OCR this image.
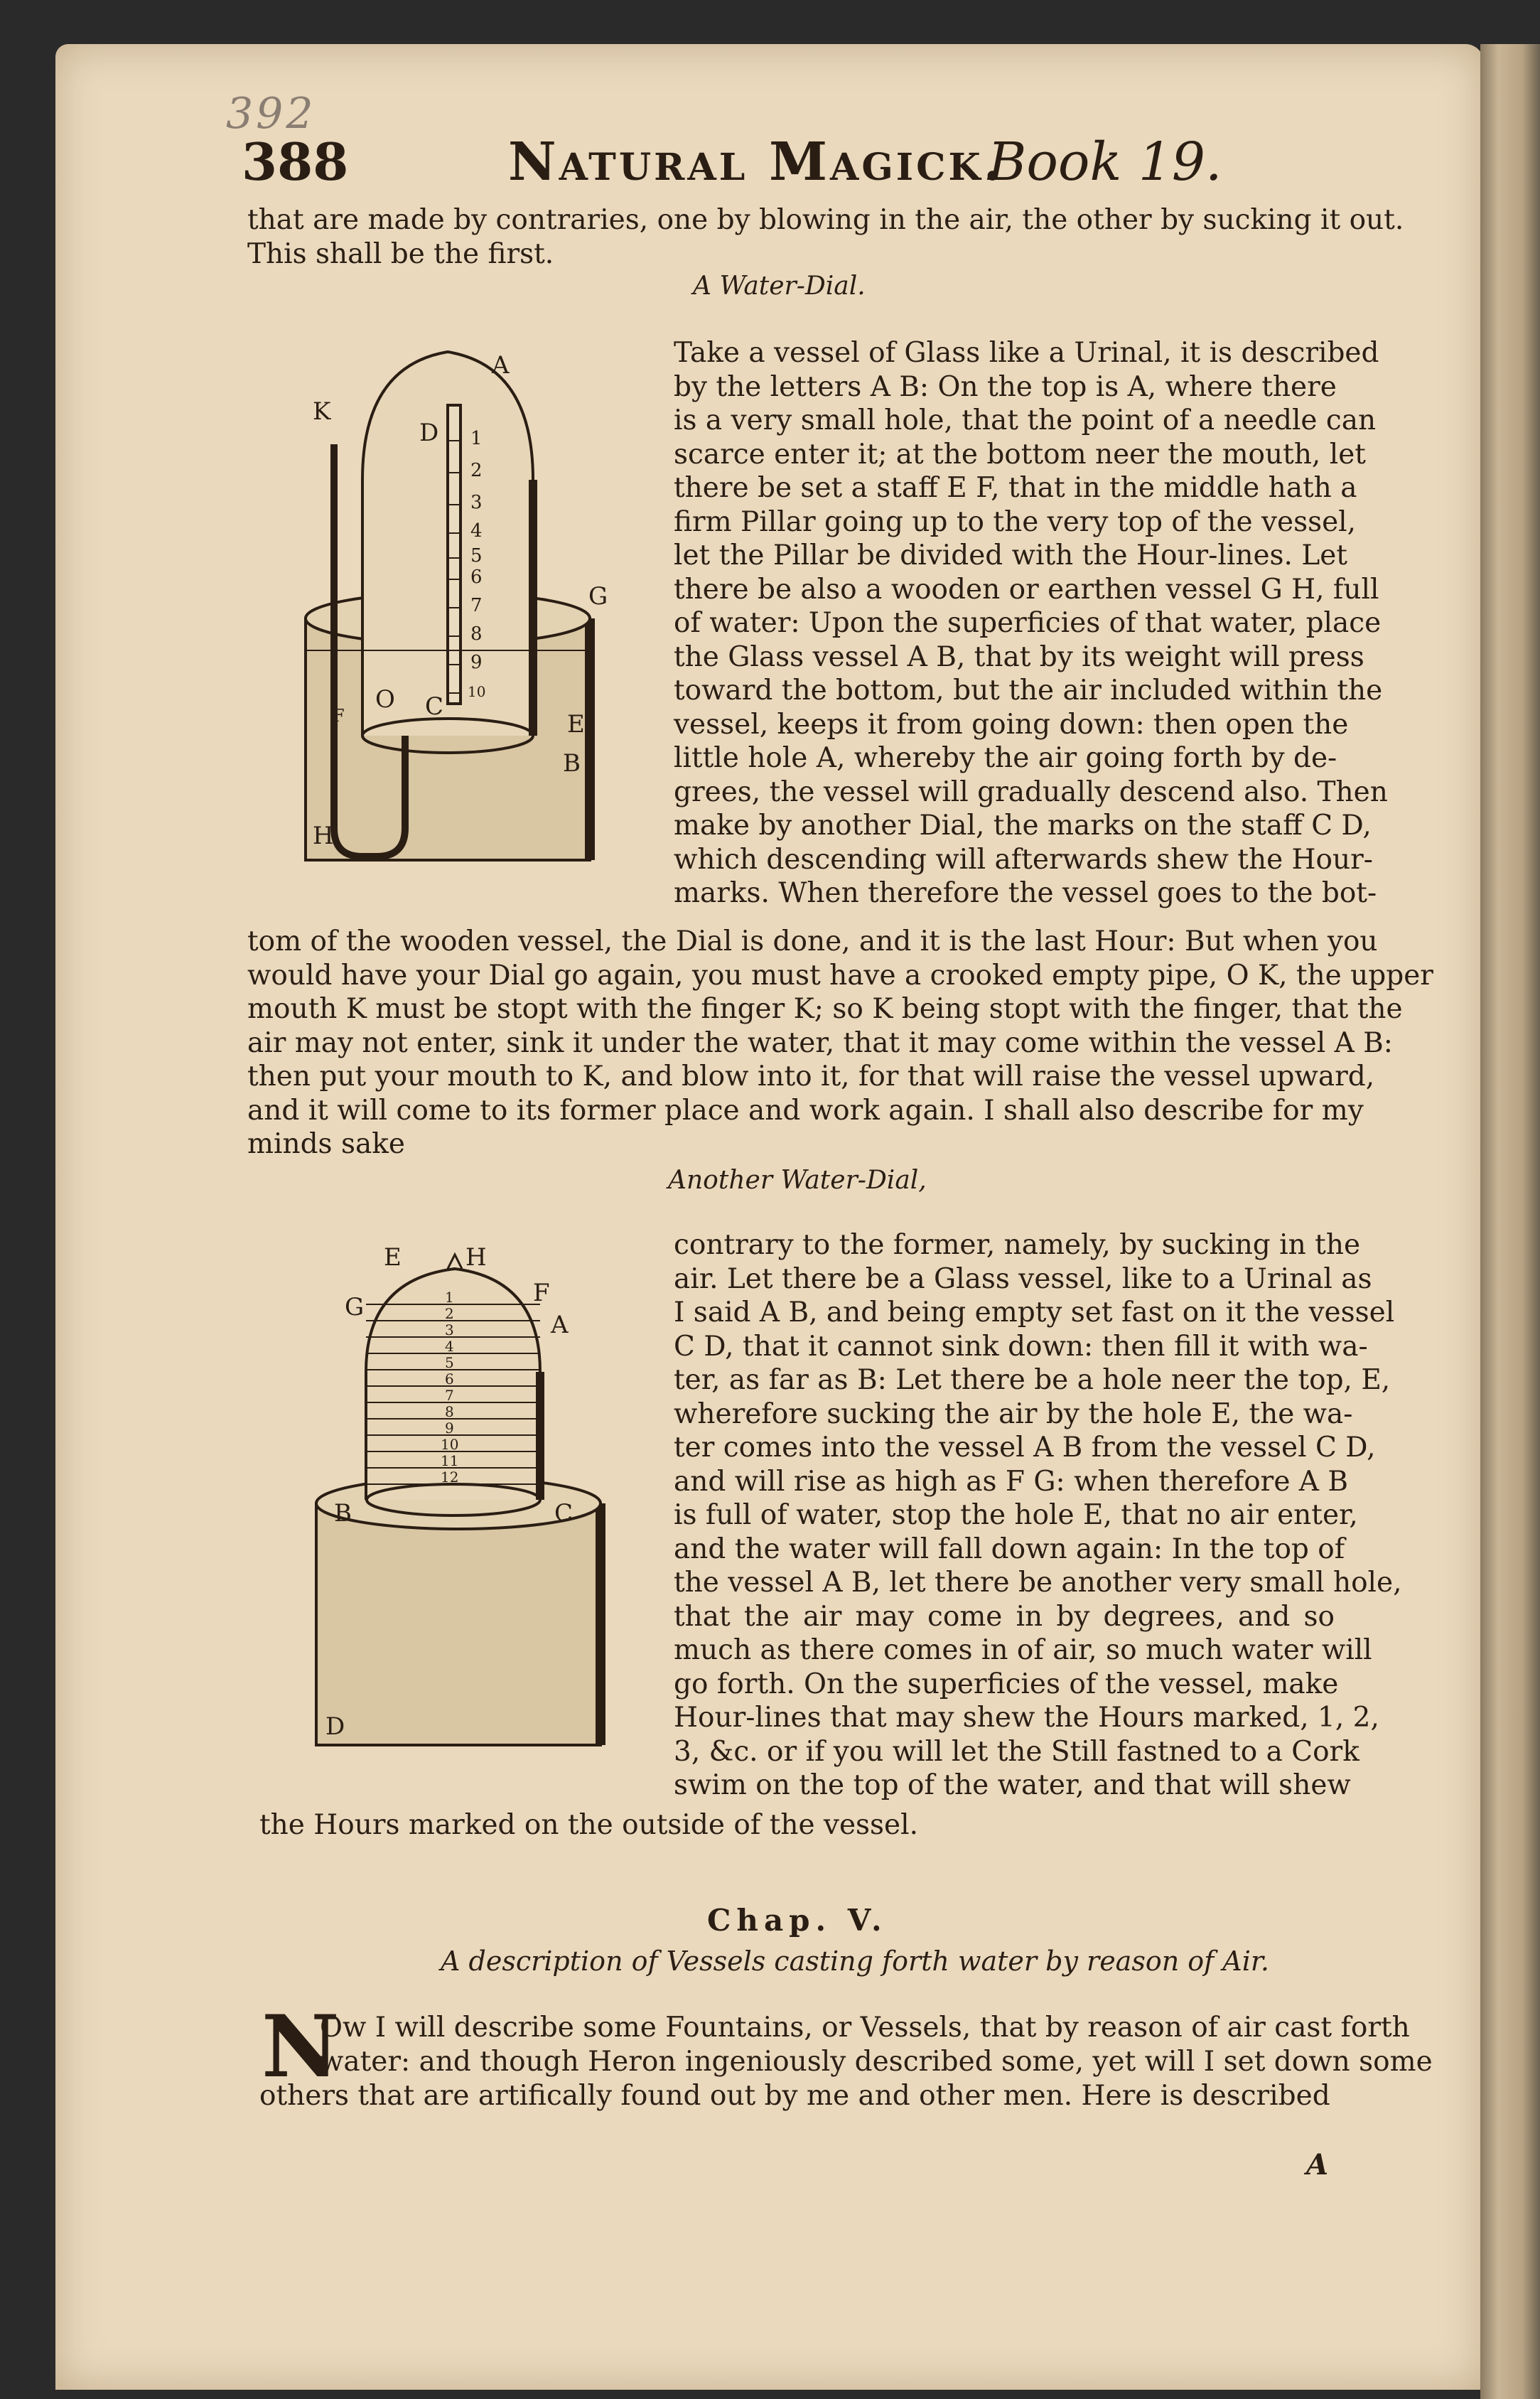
392
388	Natural Magick.
Book 19.
that are made by contraries, one by blowing in the air, the other by sucking it out.
This shall be the first.
A Water-Dial.
1
2
3
4
5
6
7
8
9
10
A
K
D
G
E
B
F
O C
H
Take a vessel of Glass like a Urinal, it is described
by the letters A B: On the top is A, where there
is a very small hole, that the point of a needle can
scarce enter it; at the bottom neer the mouth, let
there be set a staff E F, that in the middle hath a
firm Pillar going up to the very top of the vessel,
let the Pillar be divided with the Hour-lines. Let
there be also a wooden or earthen vessel G H, full
of water: Upon the superficies of that water, place
the Glass vessel A B, that by its weight will press
toward the bottom, but the air included within the
vessel, keeps it from going down: then open the
little hole A, whereby the air going forth by de-
grees, the vessel will gradually descend also. Then
make by another Dial, the marks on the staff C D,
which descending will afterwards shew the Hour-
marks. When therefore the vessel goes to the bot-
tom of the wooden vessel, the Dial is done, and it is the last Hour: But when you
would have your Dial go again, you must have a crooked empty pipe, O K, the upper
mouth K must be stopt with the finger K; so K being stopt with the finger, that the
air may not enter, sink it under the water, that it may come within the vessel A B:
then put your mouth to K, and blow into it, for that will raise the vessel upward,
and it will come to its former place and work again. I shall also describe for my
minds sake
Another Water-Dial,
1
2
3
4
5
6
7
8
9
10
11
12
E	H
G	F
A
B	C
D
contrary to the former, namely, by sucking in the
air. Let there be a Glass vessel, like to a Urinal as
I said A B, and being empty set fast on it the vessel
C D, that it cannot sink down: then fill it with wa-
ter, as far as B: Let there be a hole neer the top, E,
wherefore sucking the air by the hole E, the wa-
ter comes into the vessel A B from the vessel C D,
and will rise as high as F G: when therefore A B
is full of water, stop the hole E, that no air enter,
and the water will fall down again: In the top of
the vessel A B, let there be another very small hole,
that the air may come in by degrees, and so
much as there comes in of air, so much water will
go forth. On the superficies of the vessel, make
Hour-lines that may shew the Hours marked, 1, 2,
3, &c. or if you will let the Still fastned to a Cork
swim on the top of the water, and that will shew
the Hours marked on the outside of the vessel.
Chap. V.
A description of Vessels casting forth water by reason of Air.
N
Ow I will describe some Fountains, or Vessels, that by reason of air cast forth
water: and though Heron ingeniously described some, yet will I set down some
others that are artifically found out by me and other men. Here is described
A
